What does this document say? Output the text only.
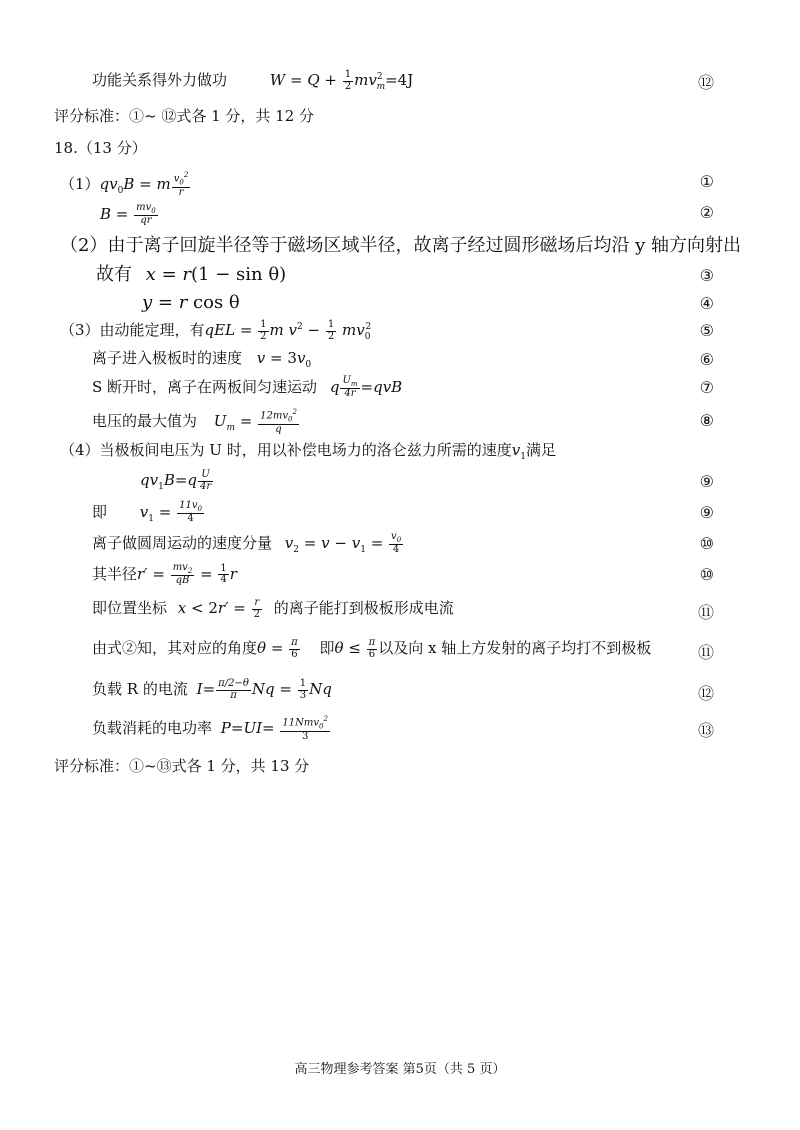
功能关系得外力做功	$W = Q + \frac{1}{2} mv^2_m=4J$	⑫
评分标准：①~ ⑫式各 1 分，共 12 分
18.（13 分）
$(1)qv_0B = m \frac{v_0^2}{r}$	①
$B = \frac{mv_0}{qr}$	②
（2）由于离子回旋半径等于磁场区域半径，故离子经过圆形磁场后均沿 y 轴方向射出
故有 x = r(1 − sin θ)	③
y = r cos θ	④
（3）由动能定理，有qEL = $\frac{1}{2}$ m $v^2 - \frac{1}{2} mv_0^2$	⑤
离子进入极板时的速度 $v = 3v_0$	⑥
S 断开时，离子在两板间匀速运动 q $\frac{U_m}{4r} =qvB$	⑦
电压的最大值为 $U_m = \frac{12mv_0^2}{q}$	⑧
（4）当极板间电压为 U 时，用以补偿电场力的洛仑兹力所需的速度$v_1$满足
$qv_1B=q \frac{U}{4r}$	⑨
即 $v_1 = \frac{11v_0}{4}$	⑨
离子做圆周运动的速度分量 $v_2 = v - v_1 = \frac{v_0}{4}$	⑩
其半径$r' = \frac{mv_2}{qB} = \frac{1}{4}$ r	⑩
即位置坐标 $x < 2r' = \frac{r}{2}$ 的离子能打到极板形成电流	⑪
由式②知，其对应的角度$\theta = \frac{\pi}{6}$ 即$\theta \le \frac{\pi}{6}$ 以及向 x 轴上方发射的离子均打不到极板	⑪
负载 R 的电流 $I= \frac{\pi/2-\theta}{\pi}$ $Nq = \frac{1}{3}$ Nq	⑫
负载消耗的电功率 $P=UI= \frac{11Nmv_0^2}{3}$	⑬
评分标准：①~⑬式各 1 分，共 13 分
高三物理参考答案 第5页（共 5 页）
